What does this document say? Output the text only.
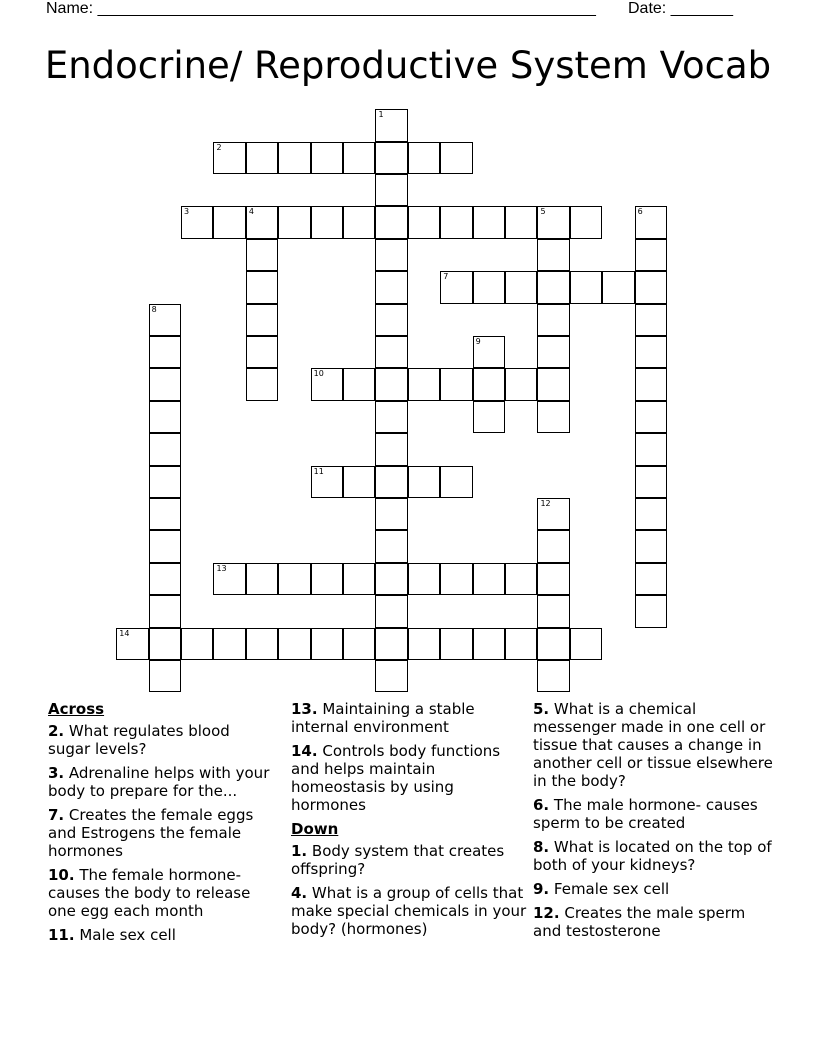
Name: ________________________________________________________ Date: _______
Endocrine/ Reproductive System Vocab
1
2
3	4	5	6
7
8
9
10
11
12
13
14
Across
2. What regulates blood sugar levels?
3. Adrenaline helps with your body to prepare for the...
7. Creates the female eggs and Estrogens the female hormones
10. The female hormone- causes the body to release one egg each month
11. Male sex cell
13. Maintaining a stable internal environment
14. Controls body functions and helps maintain homeostasis by using hormones
Down
1. Body system that creates offspring?
4. What is a group of cells that make special chemicals in your body? (hormones)
5. What is a chemical messenger made in one cell or tissue that causes a change in another cell or tissue elsewhere in the body?
6. The male hormone- causes sperm to be created
8. What is located on the top of both of your kidneys?
9. Female sex cell
12. Creates the male sperm and testosterone
